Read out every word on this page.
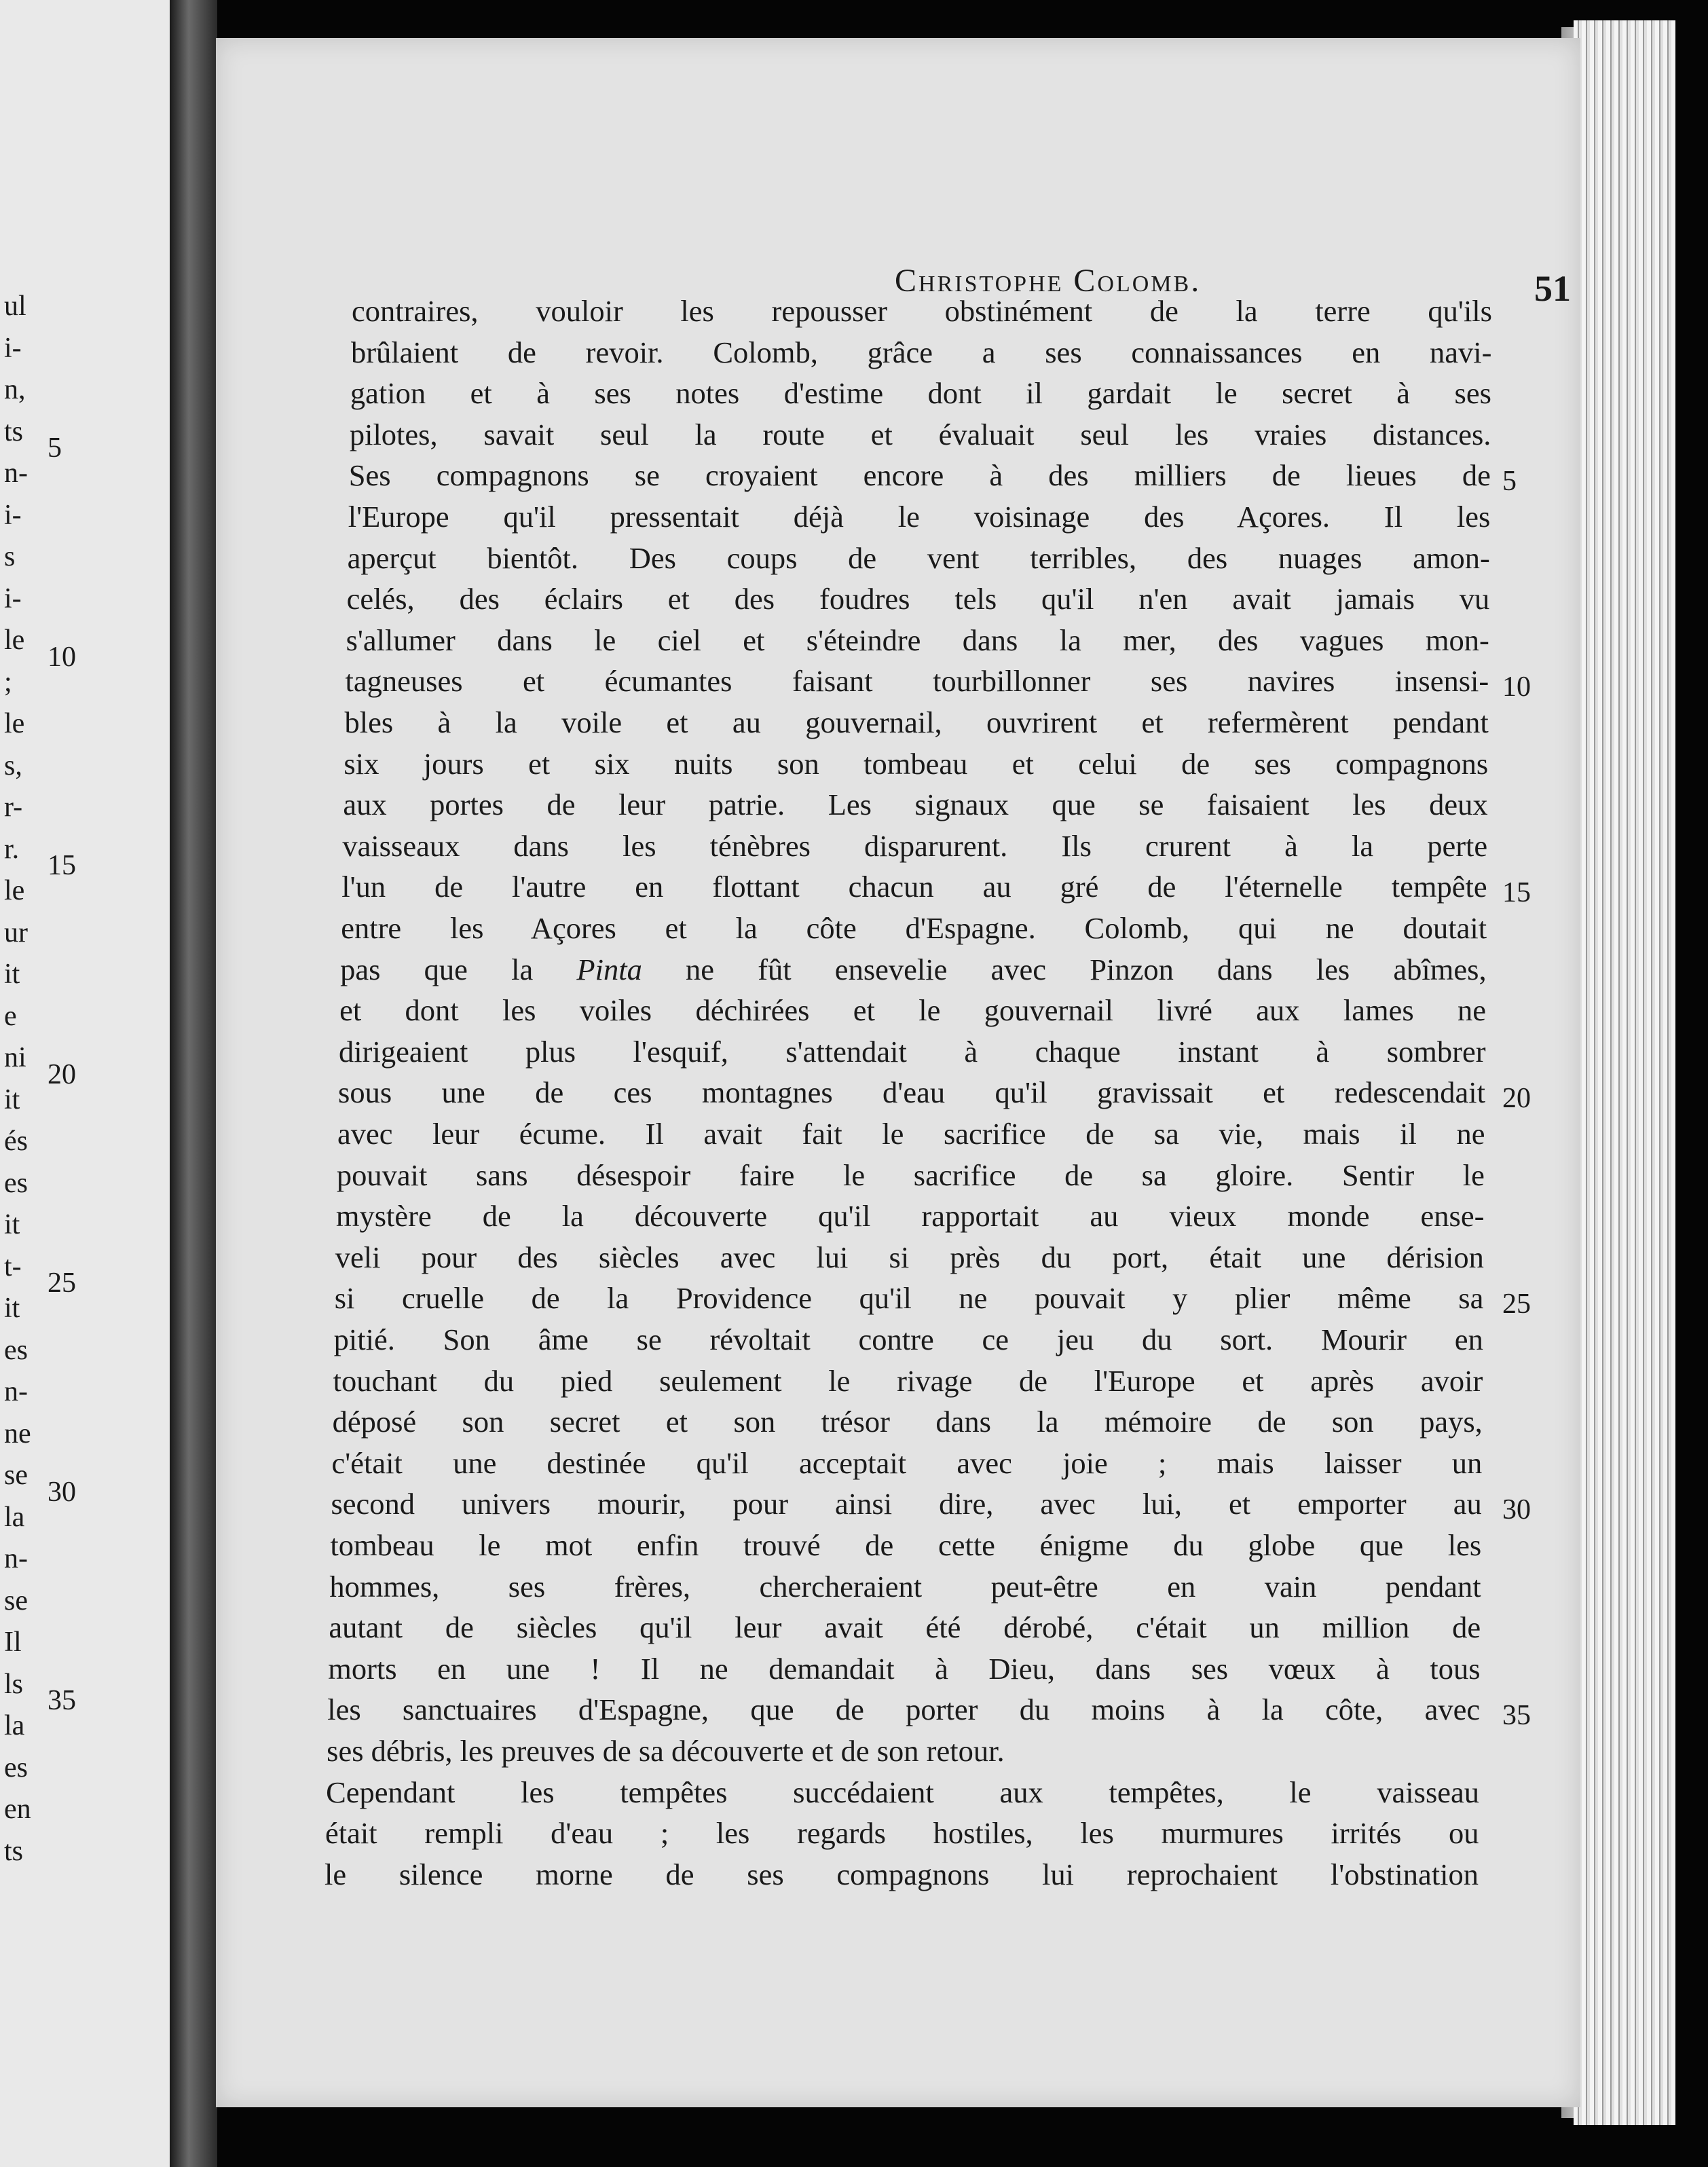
ul
i-
n,
ts
n-
i-
s
i-
le
;
le
s,
r-
r.
le
ur
it
e
ni
it
és
es
it
t-
it
es
n-
ne
se
la
n-
se
Il
ls
la
es
en
ts
5
10
15
20
25
30
35
Christophe Colomb.	51
contraires, vouloir les repousser obstinément de la terre qu'ils
brûlaient de revoir. Colomb, grâce a ses connaissances en navi-
gation et à ses notes d'estime dont il gardait le secret à ses
pilotes, savait seul la route et évaluait seul les vraies distances.
Ses compagnons se croyaient encore à des milliers de lieues de
l'Europe qu'il pressentait déjà le voisinage des Açores. Il les
aperçut bientôt. Des coups de vent terribles, des nuages amon-
celés, des éclairs et des foudres tels qu'il n'en avait jamais vu
s'allumer dans le ciel et s'éteindre dans la mer, des vagues mon-
tagneuses et écumantes faisant tourbillonner ses navires insensi-
bles à la voile et au gouvernail, ouvrirent et refermèrent pendant
six jours et six nuits son tombeau et celui de ses compagnons
aux portes de leur patrie. Les signaux que se faisaient les deux
vaisseaux dans les ténèbres disparurent. Ils crurent à la perte
l'un de l'autre en flottant chacun au gré de l'éternelle tempête
entre les Açores et la côte d'Espagne. Colomb, qui ne doutait
pas que la Pinta ne fût ensevelie avec Pinzon dans les abîmes,
et dont les voiles déchirées et le gouvernail livré aux lames ne
dirigeaient plus l'esquif, s'attendait à chaque instant à sombrer
sous une de ces montagnes d'eau qu'il gravissait et redescendait
avec leur écume. Il avait fait le sacrifice de sa vie, mais il ne
pouvait sans désespoir faire le sacrifice de sa gloire. Sentir le
mystère de la découverte qu'il rapportait au vieux monde ense-
veli pour des siècles avec lui si près du port, était une dérision
si cruelle de la Providence qu'il ne pouvait y plier même sa
pitié. Son âme se révoltait contre ce jeu du sort. Mourir en
touchant du pied seulement le rivage de l'Europe et après avoir
déposé son secret et son trésor dans la mémoire de son pays,
c'était une destinée qu'il acceptait avec joie ; mais laisser un
second univers mourir, pour ainsi dire, avec lui, et emporter au
tombeau le mot enfin trouvé de cette énigme du globe que les
hommes, ses frères, chercheraient peut-être en vain pendant
autant de siècles qu'il leur avait été dérobé, c'était un million de
morts en une ! Il ne demandait à Dieu, dans ses vœux à tous
les sanctuaires d'Espagne, que de porter du moins à la côte, avec
ses débris, les preuves de sa découverte et de son retour.
Cependant les tempêtes succédaient aux tempêtes, le vaisseau
était rempli d'eau ; les regards hostiles, les murmures irrités ou
le silence morne de ses compagnons lui reprochaient l'obstination
5
10
15
20
25
30
35
